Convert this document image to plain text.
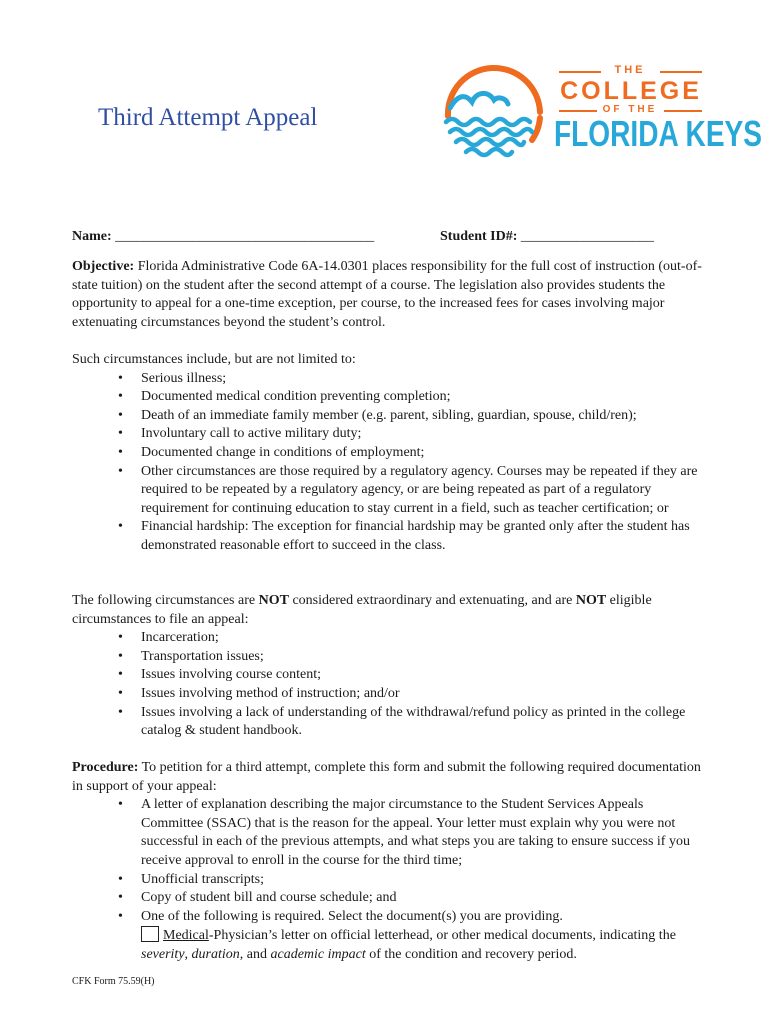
Third Attempt Appeal
THE
COLLEGE
OF THE
FLORIDA KEYS
Name: _____________________________________	Student ID#: ___________________

Objective: Florida Administrative Code 6A-14.0301 places responsibility for the full cost of instruction (out-of- state tuition) on the student after the second attempt of a course. The legislation also provides students the opportunity to appeal for a one-time exception, per course, to the increased fees for cases involving major extenuating circumstances beyond the student’s control.

Such circumstances include, but are not limited to:

• Serious illness;
• Documented medical condition preventing completion;
• Death of an immediate family member (e.g. parent, sibling, guardian, spouse, child/ren);
• Involuntary call to active military duty;
• Documented change in conditions of employment;
• Other circumstances are those required by a regulatory agency. Courses may be repeated if they are required to be repeated by a regulatory agency, or are being repeated as part of a regulatory requirement for continuing education to stay current in a field, such as teacher certification; or
• Financial hardship: The exception for financial hardship may be granted only after the student has demonstrated reasonable effort to succeed in the class.

The following circumstances are NOT considered extraordinary and extenuating, and are NOT eligible circumstances to file an appeal:

• Incarceration;
• Transportation issues;
• Issues involving course content;
• Issues involving method of instruction; and/or
• Issues involving a lack of understanding of the withdrawal/refund policy as printed in the college catalog & student handbook.

Procedure: To petition for a third attempt, complete this form and submit the following required documentation in support of your appeal:

• A letter of explanation describing the major circumstance to the Student Services Appeals Committee (SSAC) that is the reason for the appeal. Your letter must explain why you were not successful in each of the previous attempts, and what steps you are taking to ensure success if you receive approval to enroll in the course for the third time;
• Unofficial transcripts;
• Copy of student bill and course schedule; and
• One of the following is required. Select the document(s) you are providing.
Medical-Physician’s letter on official letterhead, or other medical documents, indicating the severity, duration, and academic impact of the condition and recovery period.
CFK Form 75.59(H)
